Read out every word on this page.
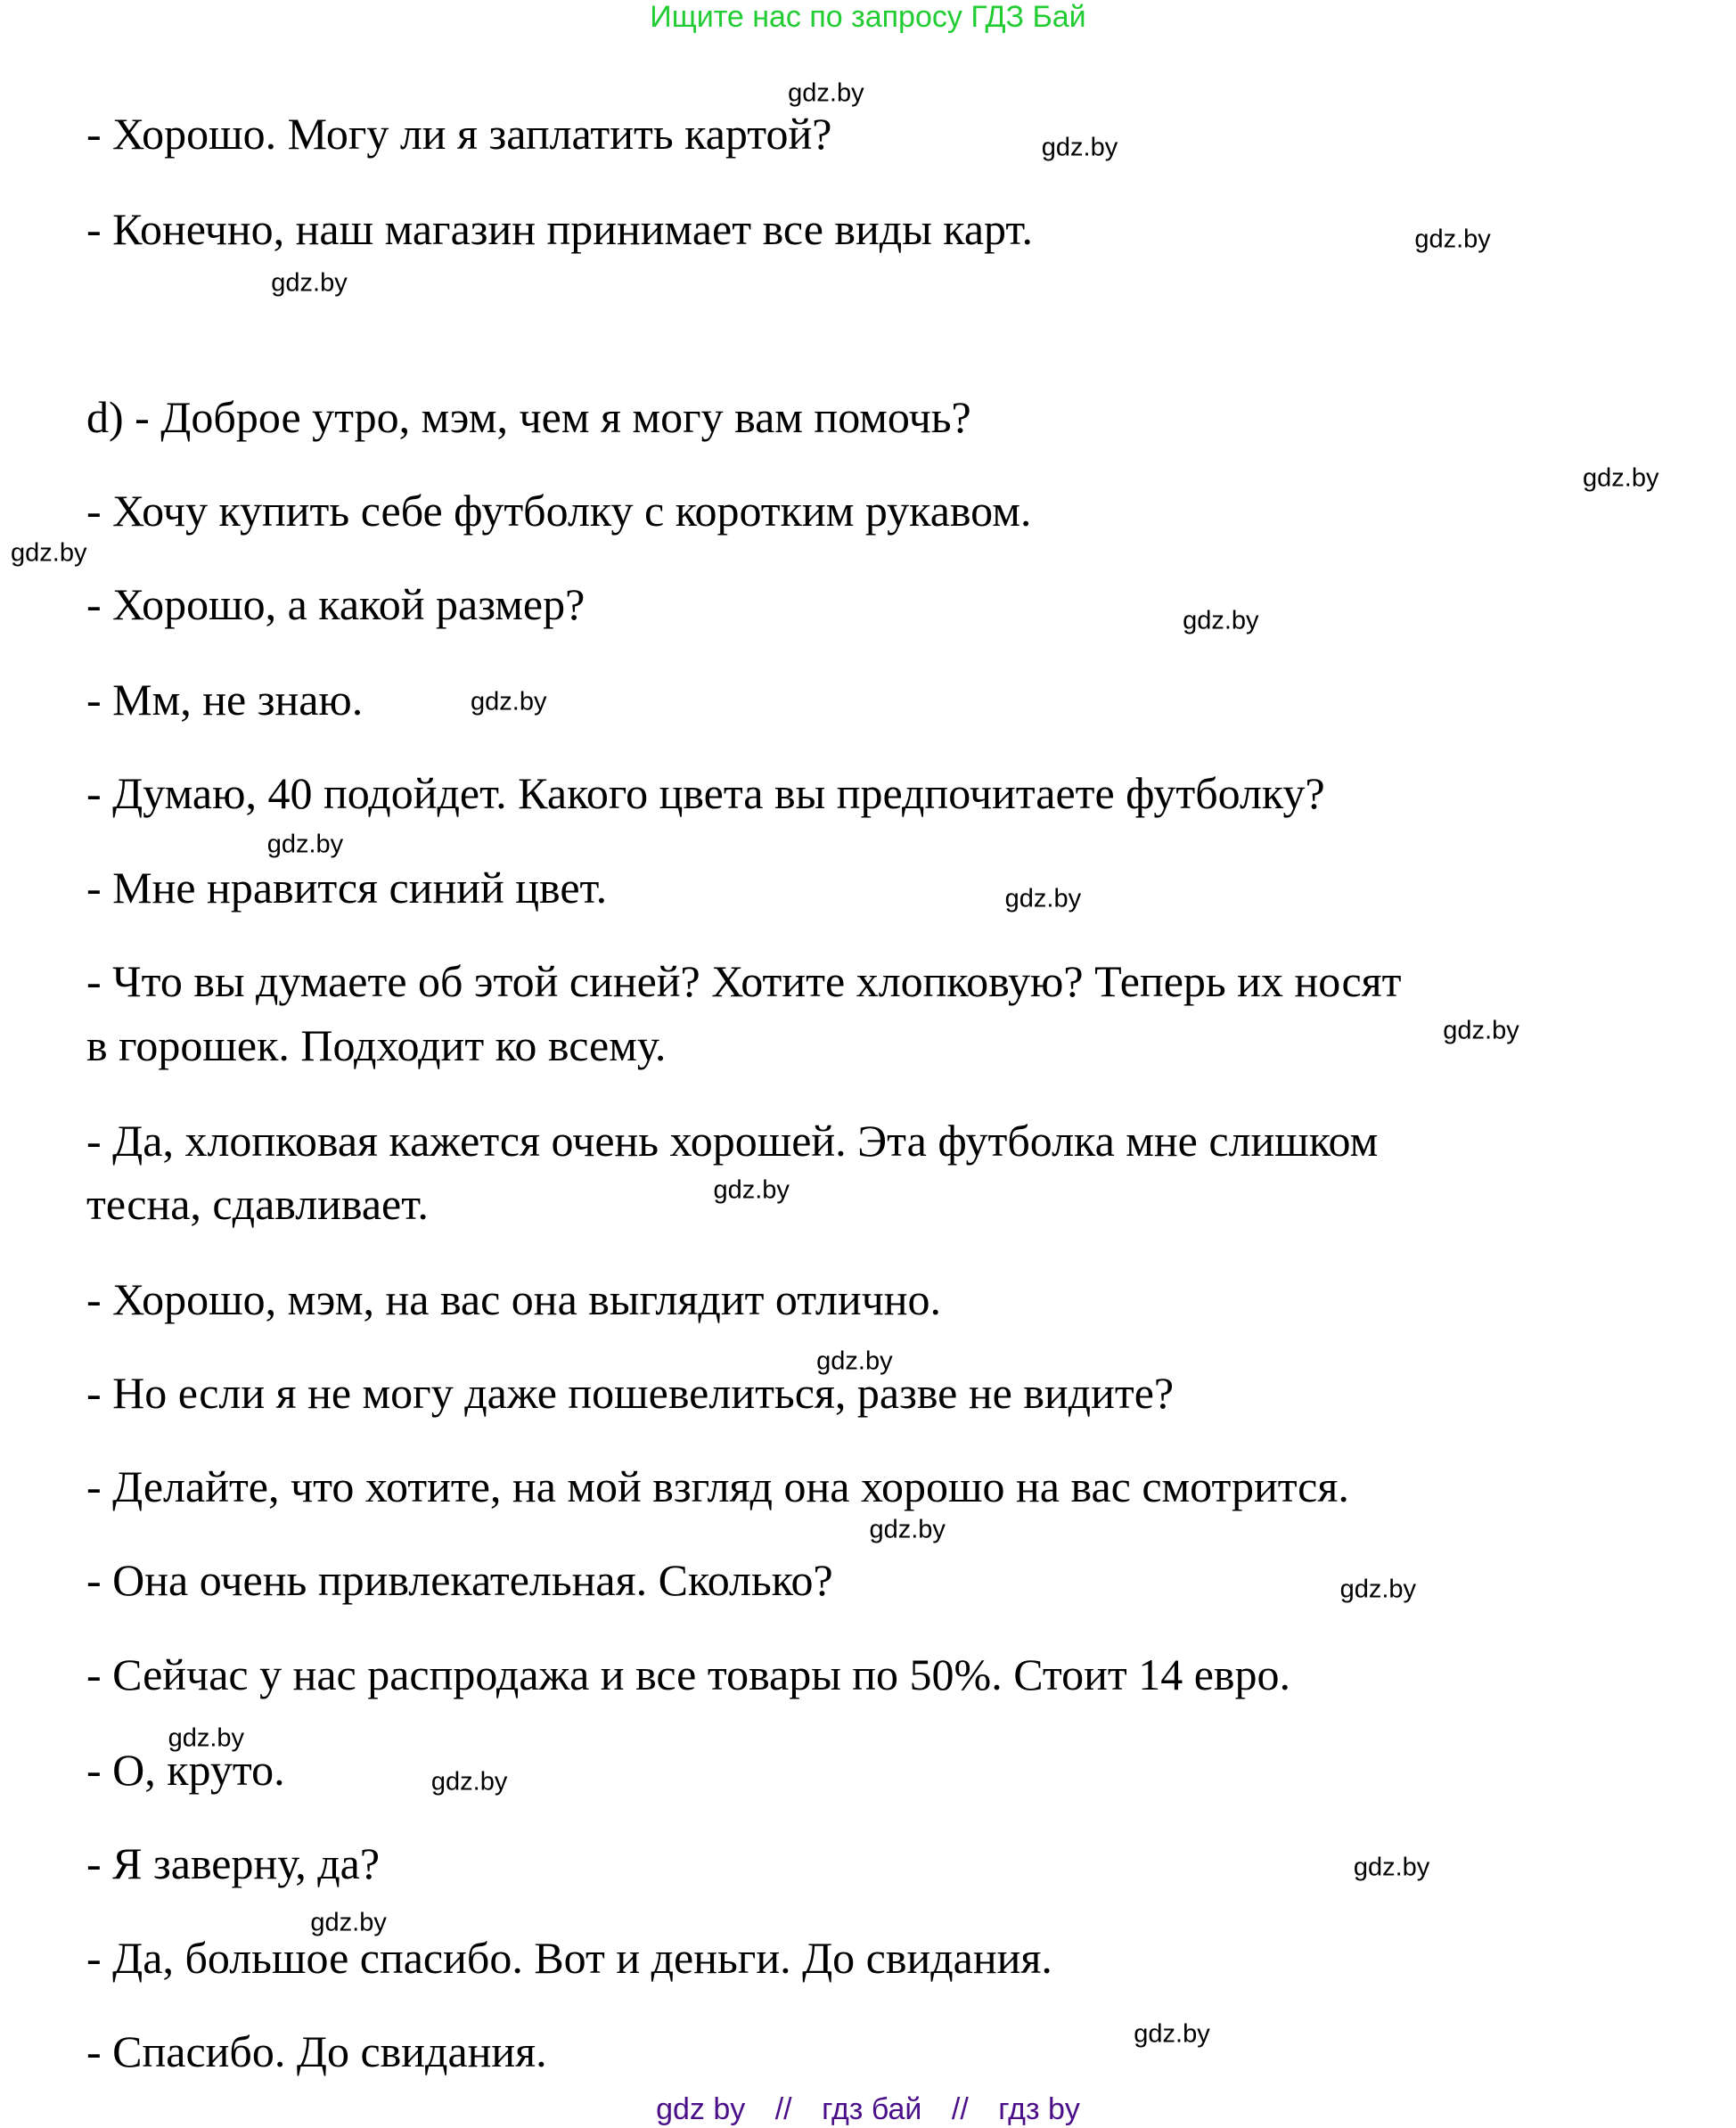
Ищите нас по запросу ГДЗ Бай
- Хорошо. Могу ли я заплатить картой?
- Конечно, наш магазин принимает все виды карт.
d) - Доброе утро, мэм, чем я могу вам помочь?
- Хочу купить себе футболку с коротким рукавом.
- Хорошо, а какой размер?
- Мм, не знаю.
- Думаю, 40 подойдет. Какого цвета вы предпочитаете футболку?
- Мне нравится синий цвет.
- Что вы думаете об этой синей? Хотите хлопковую? Теперь их носят
в горошек. Подходит ко всему.
- Да, хлопковая кажется очень хорошей. Эта футболка мне слишком
тесна, сдавливает.
- Хорошо, мэм, на вас она выглядит отлично.
- Но если я не могу даже пошевелиться, разве не видите?
- Делайте, что хотите, на мой взгляд она хорошо на вас смотрится.
- Она очень привлекательная. Сколько?
- Сейчас у нас распродажа и все товары по 50%. Стоит 14 евро.
- О, круто.
- Я заверну, да?
- Да, большое спасибо. Вот и деньги. До свидания.
- Спасибо. До свидания.
gdz.by
gdz.by
gdz.by
gdz.by
gdz.by
gdz.by
gdz.by
gdz.by
gdz.by
gdz.by
gdz.by
gdz.by
gdz.by
gdz.by
gdz.by
gdz.by
gdz.by
gdz.by
gdz.by
gdz.by
gdz by // гдз бай // гдз by
